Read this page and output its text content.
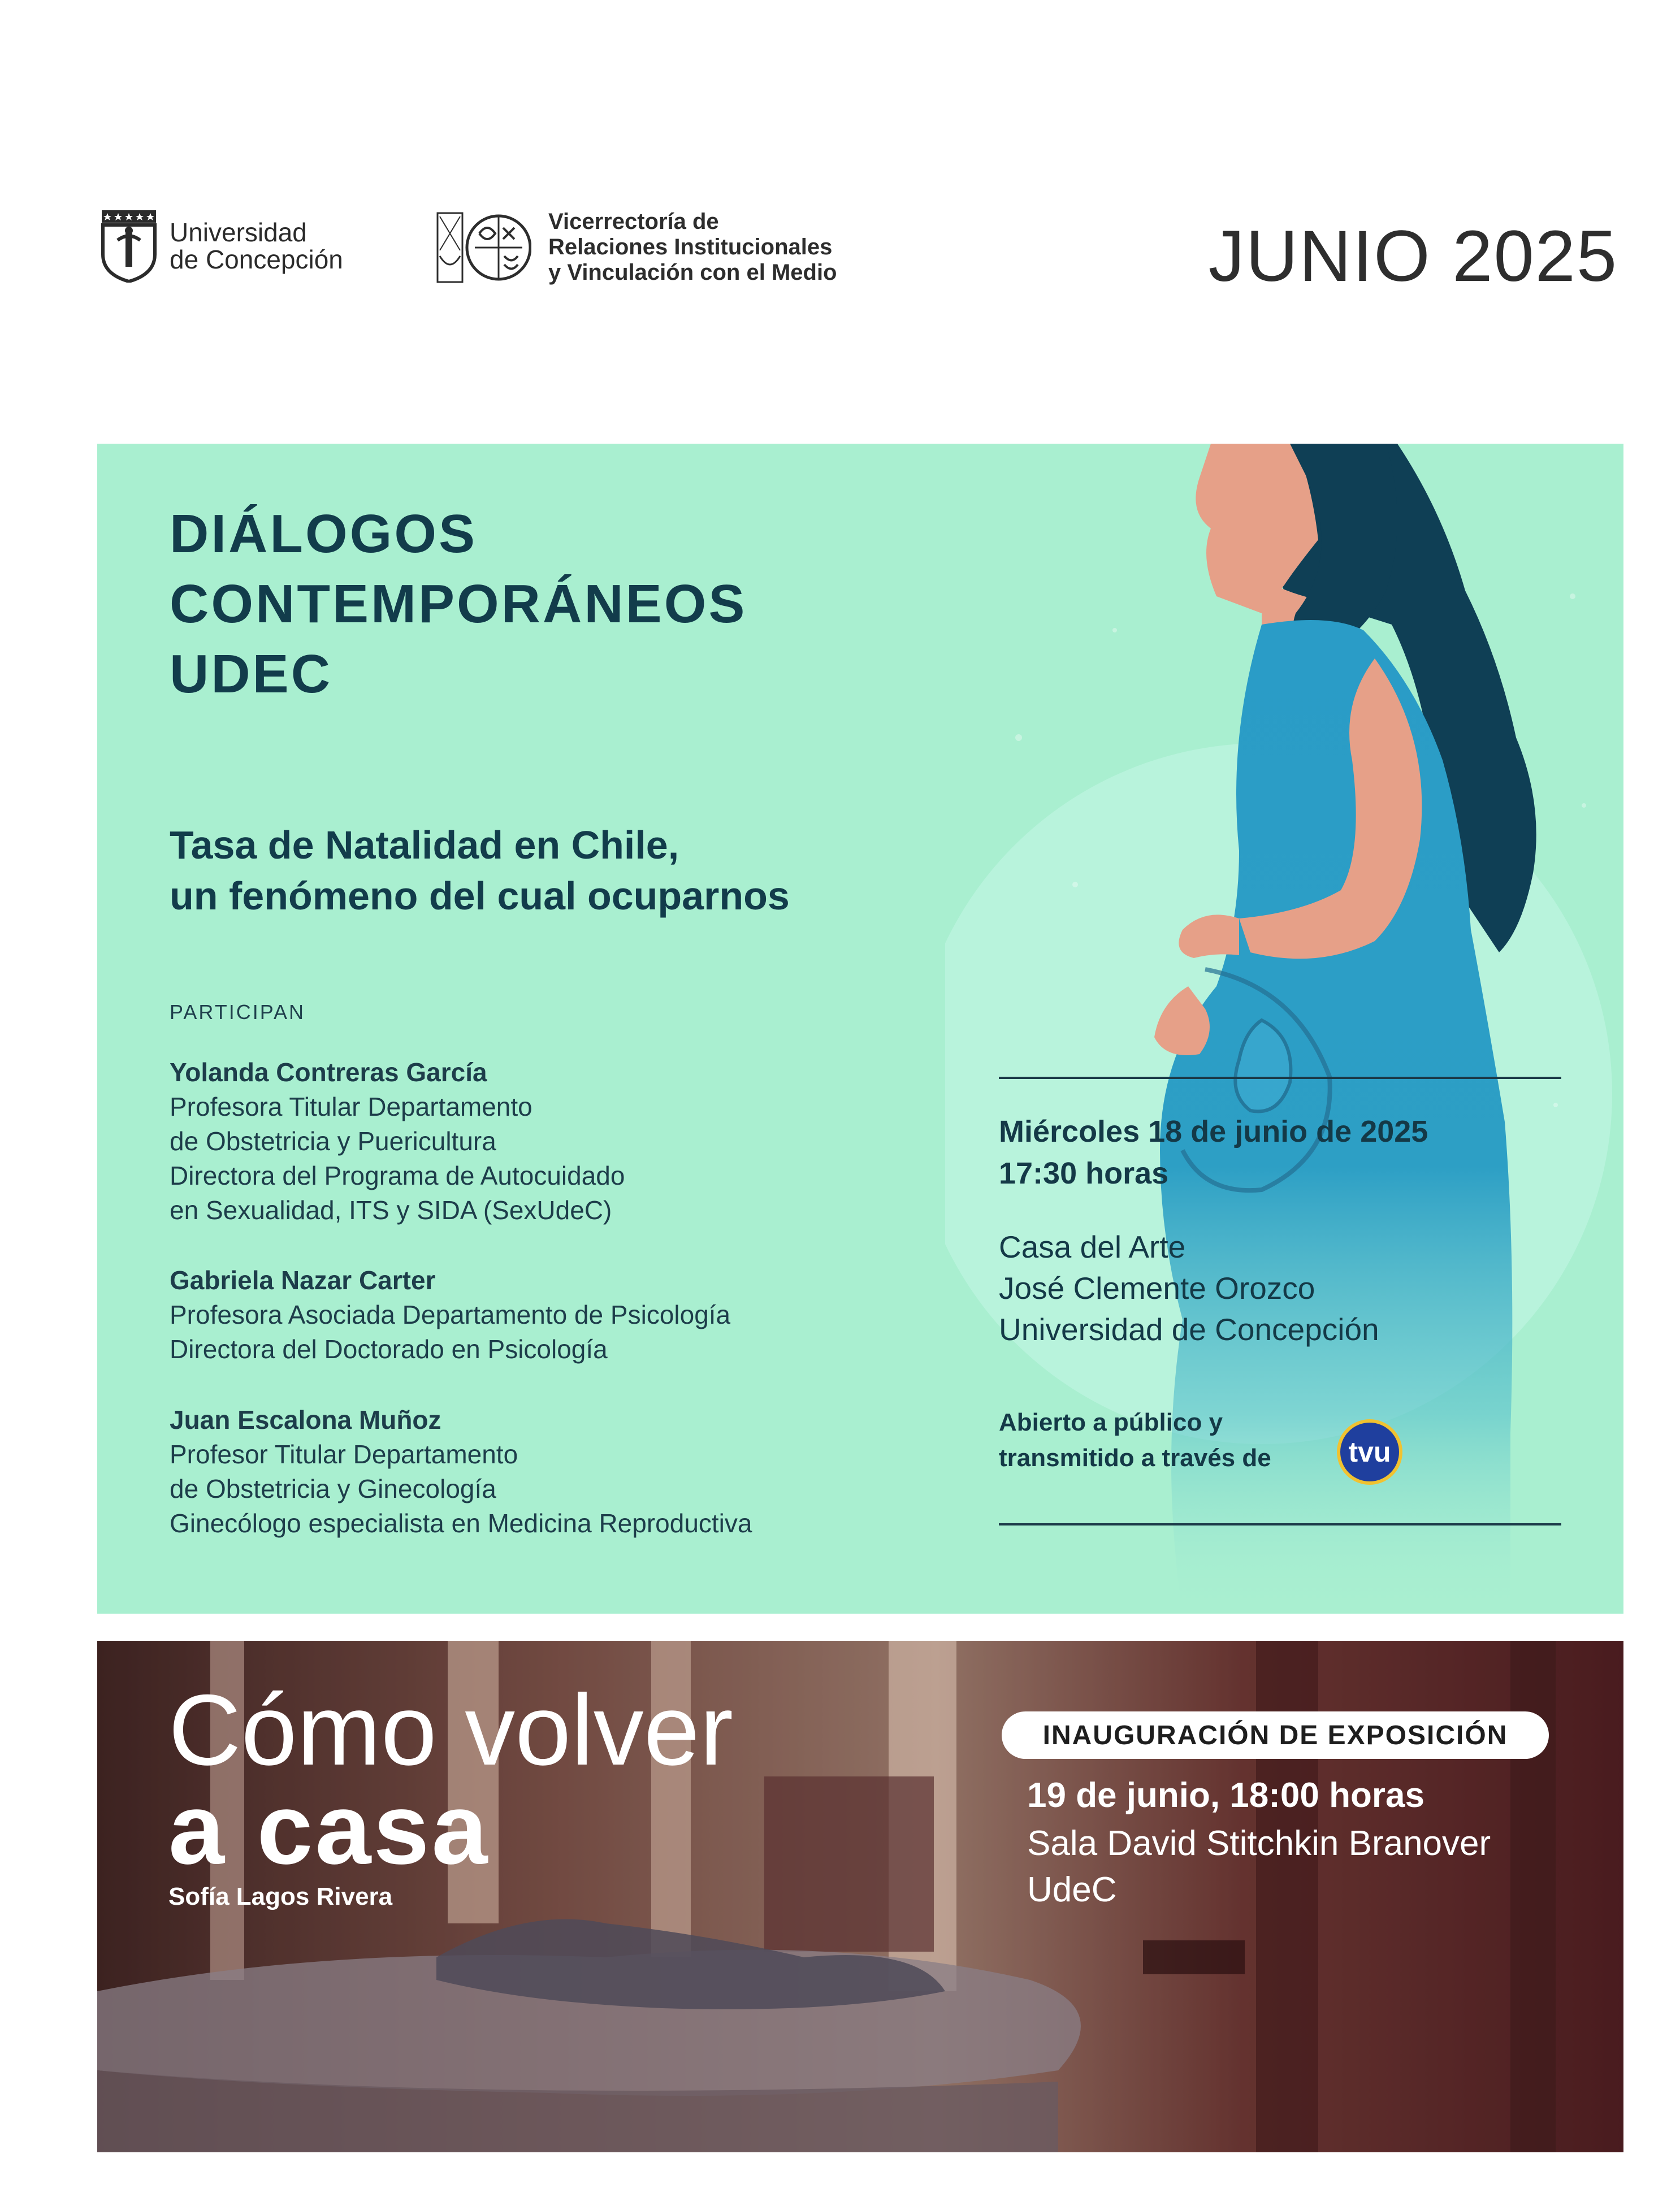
Universidad
de Concepción
Vicerrectoría de
Relaciones Institucionales
y Vinculación con el Medio	JUNIO 2025
DIÁLOGOS
CONTEMPORÁNEOS
UDEC
Tasa de Natalidad en Chile,
un fenómeno del cual ocuparnos
PARTICIPAN
Yolanda Contreras García
Profesora Titular Departamento
de Obstetricia y Puericultura
Directora del Programa de Autocuidado
en Sexualidad, ITS y SIDA (SexUdeC)
Gabriela Nazar Carter
Profesora Asociada Departamento de Psicología
Directora del Doctorado en Psicología
Juan Escalona Muñoz
Profesor Titular Departamento
de Obstetricia y Ginecología
Ginecólogo especialista en Medicina Reproductiva
Miércoles 18 de junio de 2025
17:30 horas
Casa del Arte
José Clemente Orozco
Universidad de Concepción
Abierto a público y
transmitido a través de	tvu
Cómo volver
a casa
Sofía Lagos Rivera
INAUGURACIÓN DE EXPOSICIÓN
19 de junio, 18:00 horas
Sala David Stitchkin Branover
UdeC
